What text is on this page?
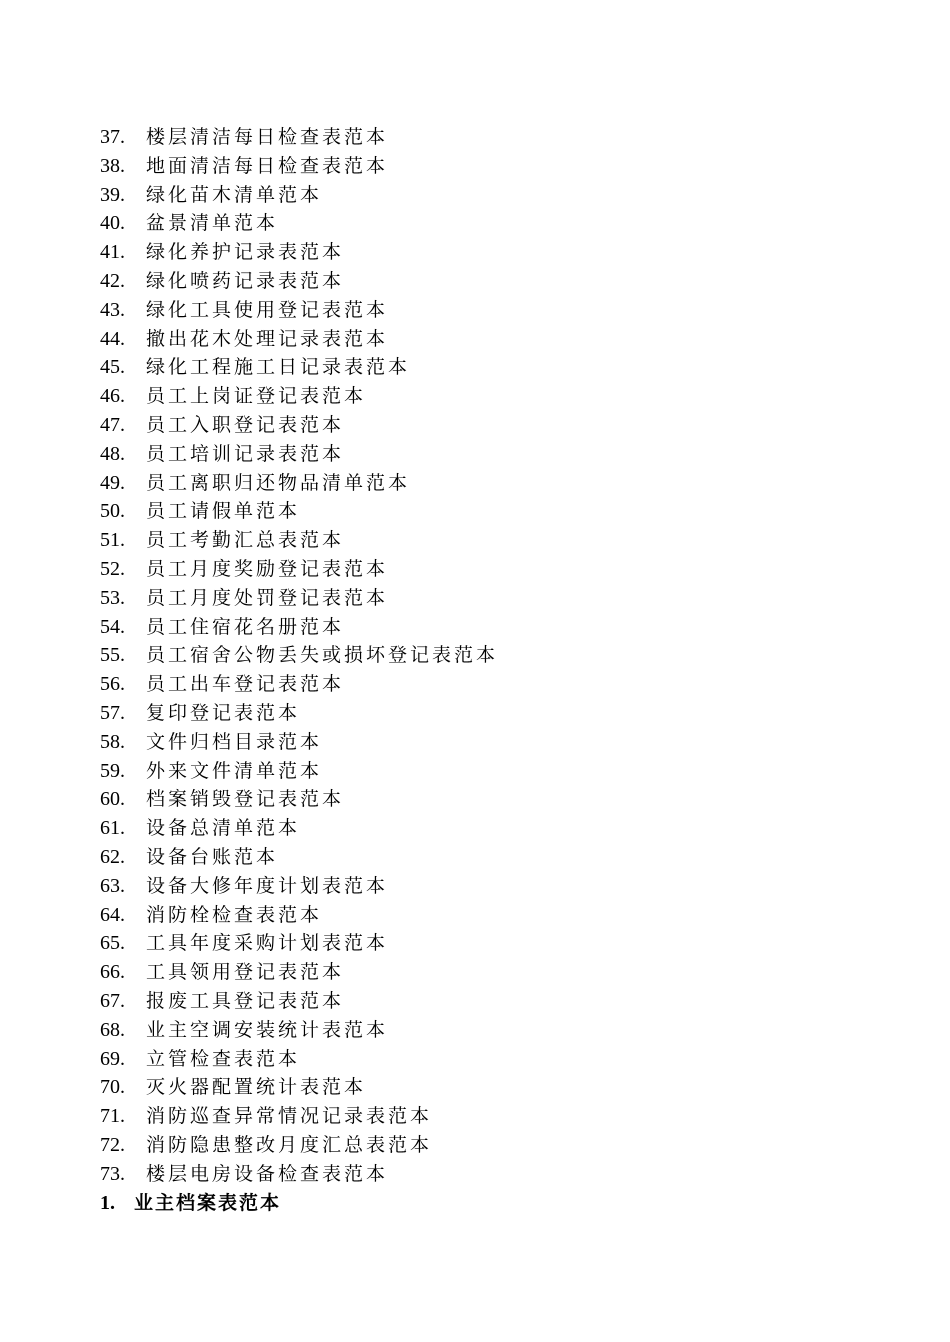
37.	楼层清洁每日检查表范本
38.	地面清洁每日检查表范本
39.	绿化苗木清单范本
40.	盆景清单范本
41.	绿化养护记录表范本
42.	绿化喷药记录表范本
43.	绿化工具使用登记表范本
44.	撤出花木处理记录表范本
45.	绿化工程施工日记录表范本
46.	员工上岗证登记表范本
47.	员工入职登记表范本
48.	员工培训记录表范本
49.	员工离职归还物品清单范本
50.	员工请假单范本
51.	员工考勤汇总表范本
52.	员工月度奖励登记表范本
53.	员工月度处罚登记表范本
54.	员工住宿花名册范本
55.	员工宿舍公物丢失或损坏登记表范本
56.	员工出车登记表范本
57.	复印登记表范本
58.	文件归档目录范本
59.	外来文件清单范本
60.	档案销毁登记表范本
61.	设备总清单范本
62.	设备台账范本
63.	设备大修年度计划表范本
64.	消防栓检查表范本
65.	工具年度采购计划表范本
66.	工具领用登记表范本
67.	报废工具登记表范本
68.	业主空调安装统计表范本
69.	立管检查表范本
70.	灭火器配置统计表范本
71.	消防巡查异常情况记录表范本
72.	消防隐患整改月度汇总表范本
73.	楼层电房设备检查表范本
1.	业主档案表范本
